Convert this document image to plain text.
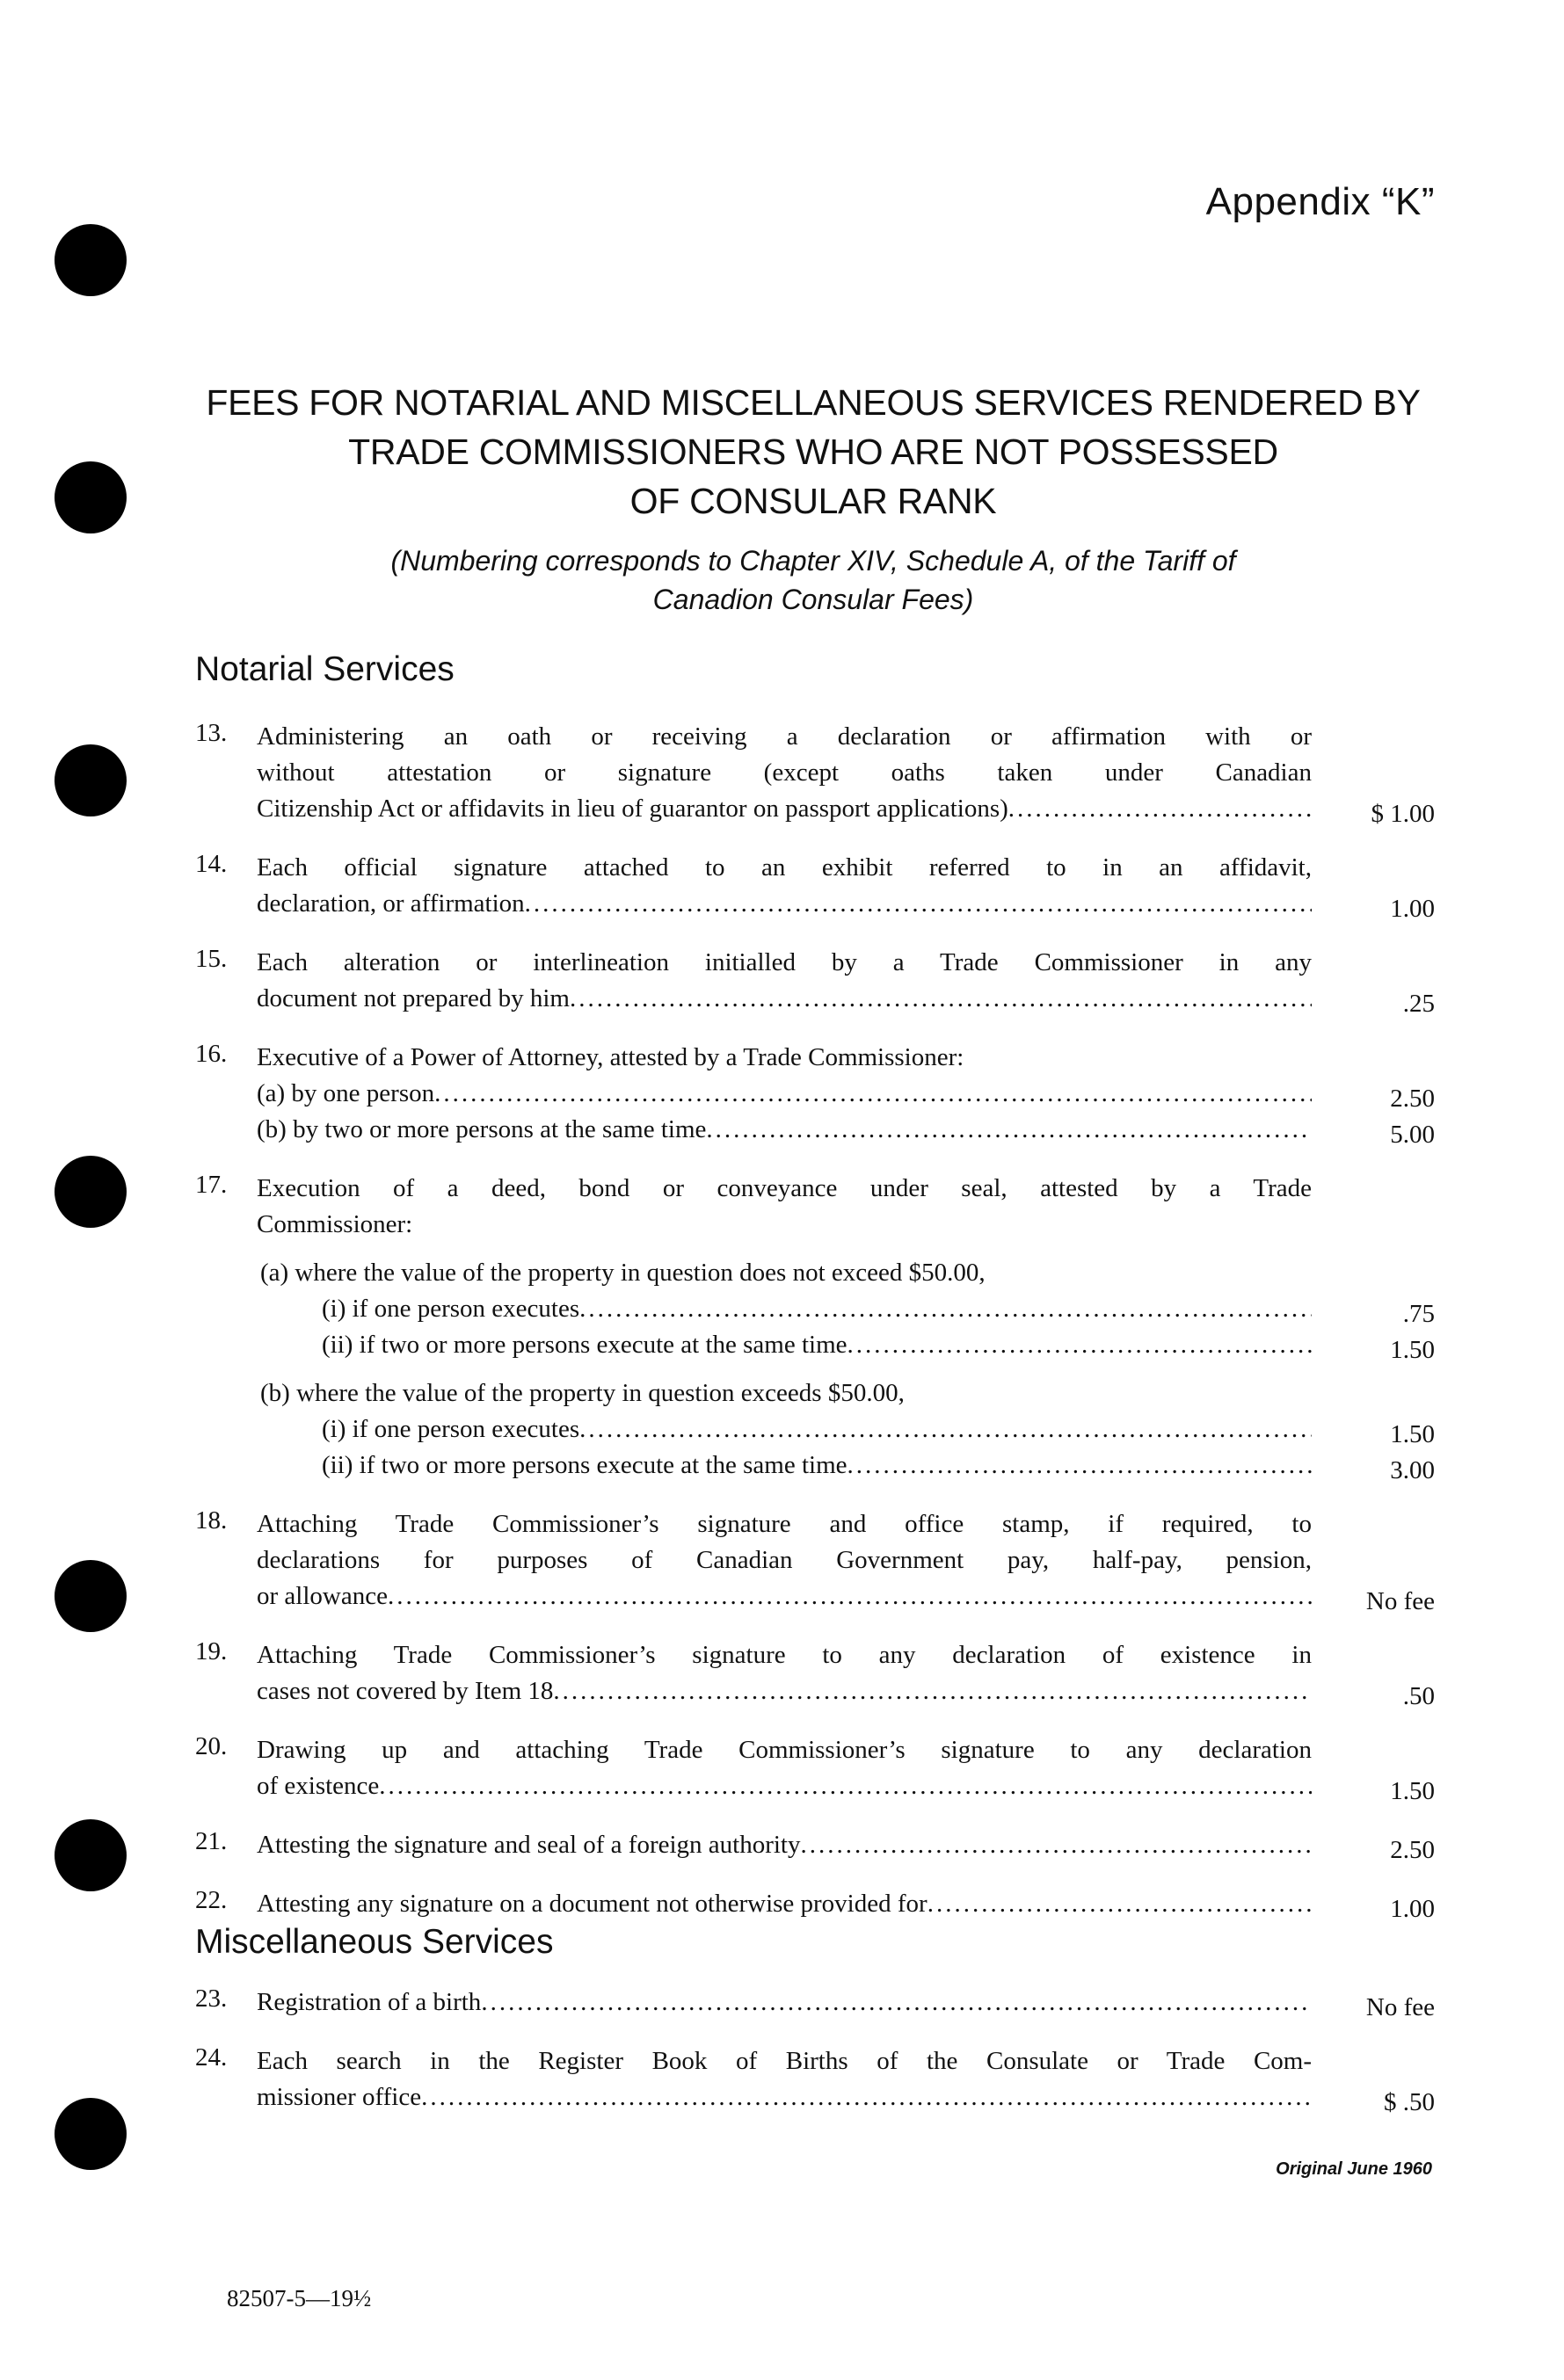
Appendix “K”
FEES FOR NOTARIAL AND MISCELLANEOUS SERVICES RENDERED BY
TRADE COMMISSIONERS WHO ARE NOT POSSESSED
OF CONSULAR RANK
(Numbering corresponds to Chapter XIV, Schedule A, of the Tariff of
Canadion Consular Fees)
Notarial Services
13. Administering an oath or receiving a declaration or affirmation with or
without attestation or signature (except oaths taken under Canadian
Citizenship Act or affidavits in lieu of guarantor on passport applications) .....	$ 1.00
14. Each official signature attached to an exhibit referred to in an affidavit,
declaration, or affirmation .....	1.00
15. Each alteration or interlineation initialled by a Trade Commissioner in any
document not prepared by him .....	.25
16. Executive of a Power of Attorney, attested by a Trade Commissioner:
(a) by one person .....	2.50
(b) by two or more persons at the same time .....	5.00
17. Execution of a deed, bond or conveyance under seal, attested by a Trade
Commissioner:
(a) where the value of the property in question does not exceed $50.00,
(i) if one person executes .....	.75
(ii) if two or more persons execute at the same time .....	1.50
(b) where the value of the property in question exceeds $50.00,
(i) if one person executes .....	1.50
(ii) if two or more persons execute at the same time .....	3.00
18. Attaching Trade Commissioner’s signature and office stamp, if required, to
declarations for purposes of Canadian Government pay, half-pay, pension,
or allowance .....	No fee
19. Attaching Trade Commissioner’s signature to any declaration of existence in
cases not covered by Item 18 .....	.50
20. Drawing up and attaching Trade Commissioner’s signature to any declaration
of existence .....	1.50
21. Attesting the signature and seal of a foreign authority .....	2.50
22. Attesting any signature on a document not otherwise provided for .....	1.00
Miscellaneous Services
23. Registration of a birth .....	No fee
24. Each search in the Register Book of Births of the Consulate or Trade Com-
missioner office .....	$ .50
Original June 1960
82507-5—19½
